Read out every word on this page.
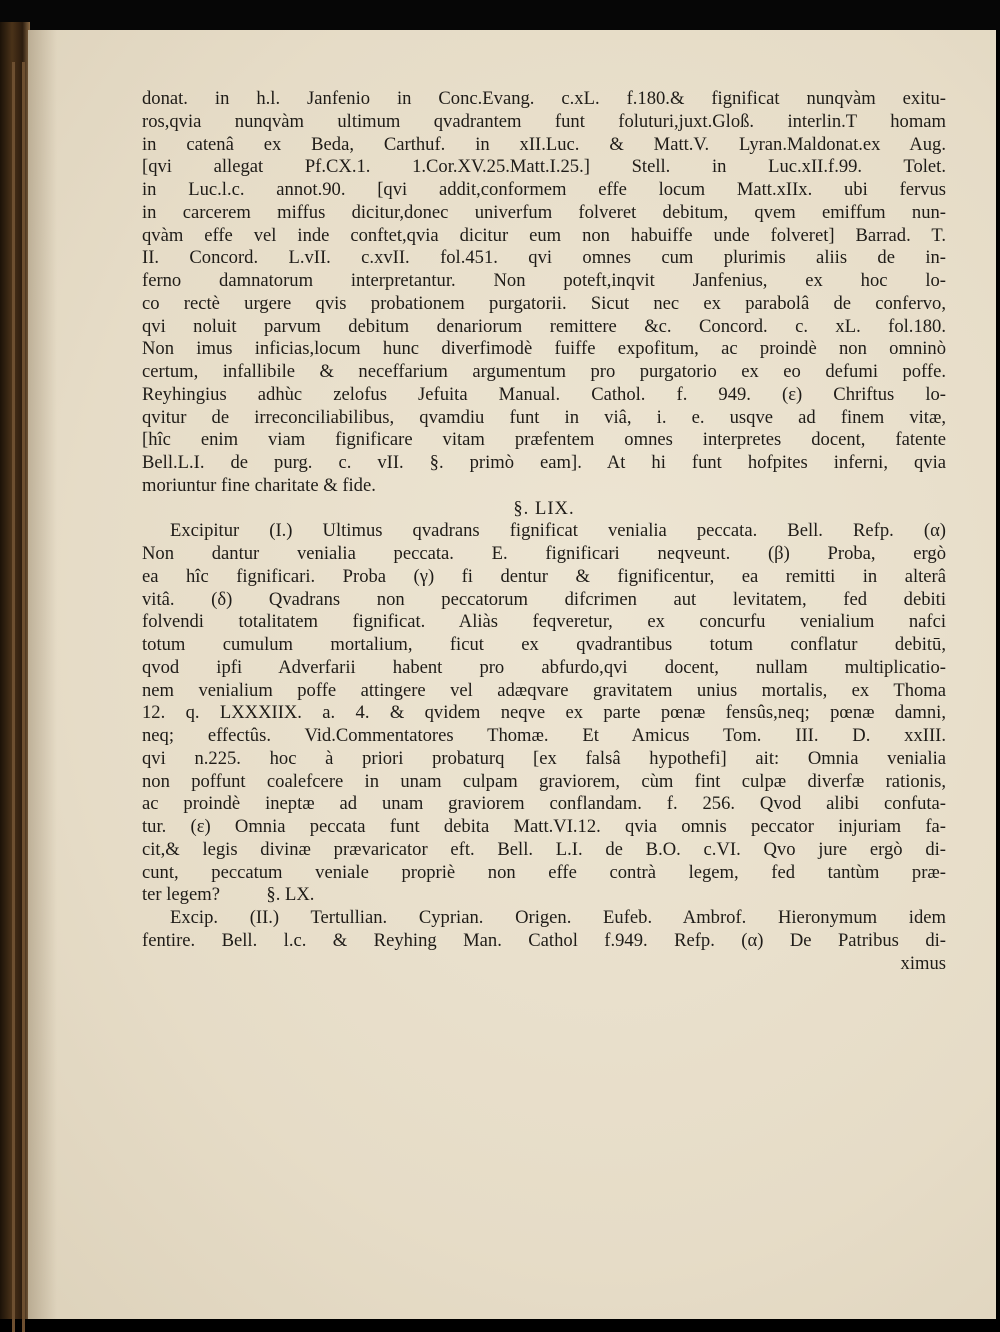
donat. in h.l. Janfenio in Conc.Evang. c.xL. f.180.& fignificat nunqvàm exitu-
ros,qvia nunqvàm ultimum qvadrantem funt foluturi,juxt.Gloß. interlin.T homam
in catenâ ex Beda, Carthuf. in xII.Luc. & Matt.V. Lyran.Maldonat.ex Aug.
[qvi allegat Pf.CX.1. 1.Cor.XV.25.Matt.I.25.] Stell. in Luc.xII.f.99. Tolet.
in Luc.l.c. annot.90. [qvi addit,conformem effe locum Matt.xIIx. ubi fervus
in carcerem miffus dicitur,donec univerfum folveret debitum, qvem emiffum nun-
qvàm effe vel inde conftet,qvia dicitur eum non habuiffe unde folveret] Barrad. T.
II. Concord. L.vII. c.xvII. fol.451. qvi omnes cum plurimis aliis de in-
ferno damnatorum interpretantur. Non poteft,inqvit Janfenius, ex hoc lo-
co rectè urgere qvis probationem purgatorii. Sicut nec ex parabolâ de confervo,
qvi noluit parvum debitum denariorum remittere &c. Concord. c. xL. fol.180.
Non imus inficias,locum hunc diverfimodè fuiffe expofitum, ac proindè non omninò
certum, infallibile & neceffarium argumentum pro purgatorio ex eo defumi poffe.
Reyhingius adhùc zelofus Jefuita Manual. Cathol. f. 949. (ε) Chriftus lo-
qvitur de irreconciliabilibus, qvamdiu funt in viâ, i. e. usqve ad finem vitæ,
[hîc enim viam fignificare vitam præfentem omnes interpretes docent, fatente
Bell.L.I. de purg. c. vII. §. primò eam]. At hi funt hofpites inferni, qvia
moriuntur fine charitate & fide.
§. LIX.
Excipitur (I.) Ultimus qvadrans fignificat venialia peccata. Bell. Refp. (α)
Non dantur venialia peccata. E. fignificari neqveunt. (β) Proba, ergò
ea hîc fignificari. Proba (γ) fi dentur & fignificentur, ea remitti in alterâ
vitâ. (δ) Qvadrans non peccatorum difcrimen aut levitatem, fed debiti
folvendi totalitatem fignificat. Aliàs feqveretur, ex concurfu venialium nafci
totum cumulum mortalium, ficut ex qvadrantibus totum conflatur debitū,
qvod ipfi Adverfarii habent pro abfurdo,qvi docent, nullam multiplicatio-
nem venialium poffe attingere vel adæqvare gravitatem unius mortalis, ex Thoma
12. q. LXXXIIX. a. 4. & qvidem neqve ex parte pœnæ fensûs,neq; pœnæ damni,
neq; effectûs. Vid.Commentatores Thomæ. Et Amicus Tom. III. D. xxIII.
qvi n.225. hoc à priori probaturq [ex falsâ hypothefi] ait: Omnia venialia
non poffunt coalefcere in unam culpam graviorem, cùm fint culpæ diverfæ rationis,
ac proindè ineptæ ad unam graviorem conflandam. f. 256. Qvod alibi confuta-
tur. (ε) Omnia peccata funt debita Matt.VI.12. qvia omnis peccator injuriam fa-
cit,& legis divinæ prævaricator eft. Bell. L.I. de B.O. c.VI. Qvo jure ergò di-
cunt, peccatum veniale propriè non effe contrà legem, fed tantùm præ-
ter legem?          §. LX.
Excip. (II.) Tertullian. Cyprian. Origen. Eufeb. Ambrof. Hieronymum idem
fentire. Bell. l.c. & Reyhing Man. Cathol f.949. Refp. (α) De Patribus di-
ximus
